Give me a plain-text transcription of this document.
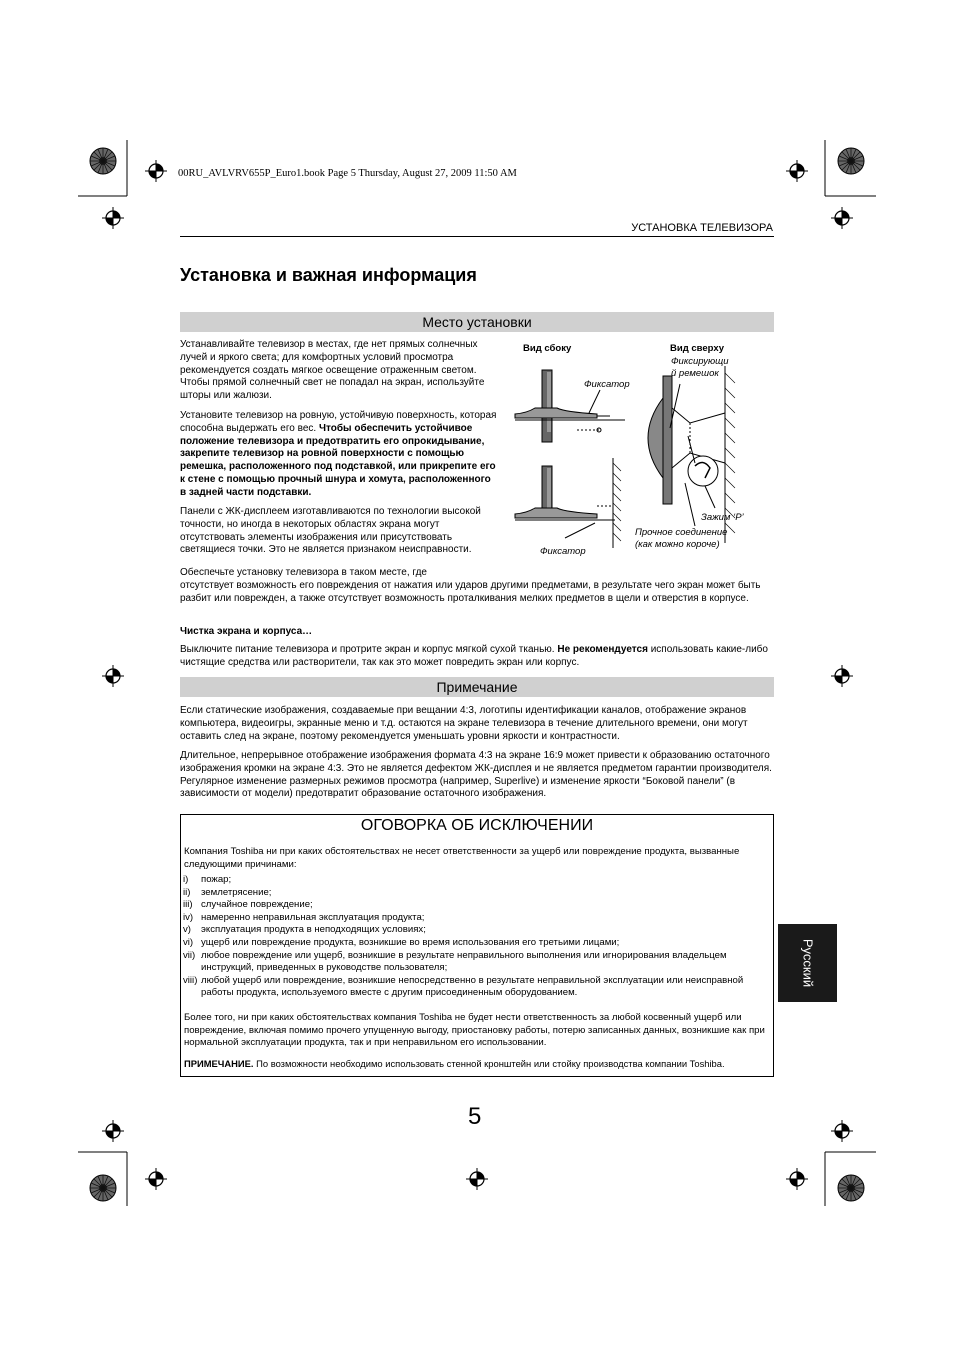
00RU_AVLVRV655P_Euro1.book Page 5 Thursday, August 27, 2009 11:50 AM
УСТАНОВКА ТЕЛЕВИЗОРА
Установка и важная информация
Место установки

Устанавливайте телевизор в местах, где нет прямых солнечных лучей и яркого света; для комфортных условий просмотра рекомендуется создать мягкое освещение отраженным светом. Чтобы прямой солнечный свет не попадал на экран, используйте шторы или жалюзи.

Установите телевизор на ровную, устойчивую поверхность, которая способна выдержать его вес. Чтобы обеспечить устойчивое положение телевизора и предотвратить его опрокидывание, закрепите телевизор на ровной поверхности с помощью ремешка, расположенного под подставкой, или прикрепите его к стене с помощью прочный шнура и хомута, расположенного в задней части подставки.

Панели с ЖК-дисплеем изготавливаются по технологии высокой точности, но иногда в некоторых областях экрана могут отсутствовать элементы изображения или присутствовать светящиеся точки. Это не является признаком неисправности.

Обеспечьте установку телевизора в таком месте, где
отсутствует возможность его повреждения от нажатия или ударов другими предметами, в результате чего экран может быть разбит или поврежден, а также отсутствует возможность проталкивания мелких предметов в щели и отверстия в корпусе.

Вид сбоку	Вид сверху
Фиксатор
Фиксирующи
й ремешок
Зажим ‘P’
Прочное соединение
(как можно короче)
Фиксатор

Чистка экрана и корпуса…

Выключите питание телевизора и протрите экран и корпус мягкой сухой тканью. Не рекомендуется использовать какие-либо чистящие средства или растворители, так как это может повредить экран или корпус.

Примечание

Если статические изображения, создаваемые при вещании 4:3, логотипы идентификации каналов, отображение экранов компьютера, видеоигры, экранные меню и т.д. остаются на экране телевизора в течение длительного времени, они могут оставить след на экране, поэтому рекомендуется уменьшать уровни яркости и контрастности.

Длительное, непрерывное отображение изображения формата 4:3 на экране 16:9 может привести к образованию остаточного изображения кромки на экране 4:3. Это не является дефектом ЖК-дисплея и не является предметом гарантии производителя. Регулярное изменение размерных режимов просмотра (например, Superlive) и изменение яркости “Боковой панели” (в зависимости от модели) предотвратит образование остаточного изображения.

ОГОВОРКА ОБ ИСКЛЮЧЕНИИ

Компания Toshiba ни при каких обстоятельствах не несет ответственности за ущерб или повреждение продукта, вызванные следующими причинами:

i)	пожар;
ii)	землетрясение;
iii) случайное повреждение;
iv) намеренно неправильная эксплуатация продукта;
v)	эксплуатация продукта в неподходящих условиях;
vi) ущерб или повреждение продукта, возникшие во время использования его третьими лицами;
vii) любое повреждение или ущерб, возникшие в результате неправильного выполнения или игнорирования владельцем инструкций, приведенных в руководстве пользователя;
viii) любой ущерб или повреждение, возникшие непосредственно в результате неправильной эксплуатации или неисправной работы продукта, используемого вместе с другим присоединенным оборудованием.

Более того, ни при каких обстоятельствах компания Toshiba не будет нести ответственность за любой косвенный ущерб или повреждение, включая помимо прочего упущенную выгоду, приостановку работы, потерю записанных данных, возникшие как при нормальной эксплуатации продукта, так и при неправильном его использовании.

ПРИМЕЧАНИЕ. По возможности необходимо использовать стенной кронштейн или стойку производства компании Toshiba.

Русский
5
